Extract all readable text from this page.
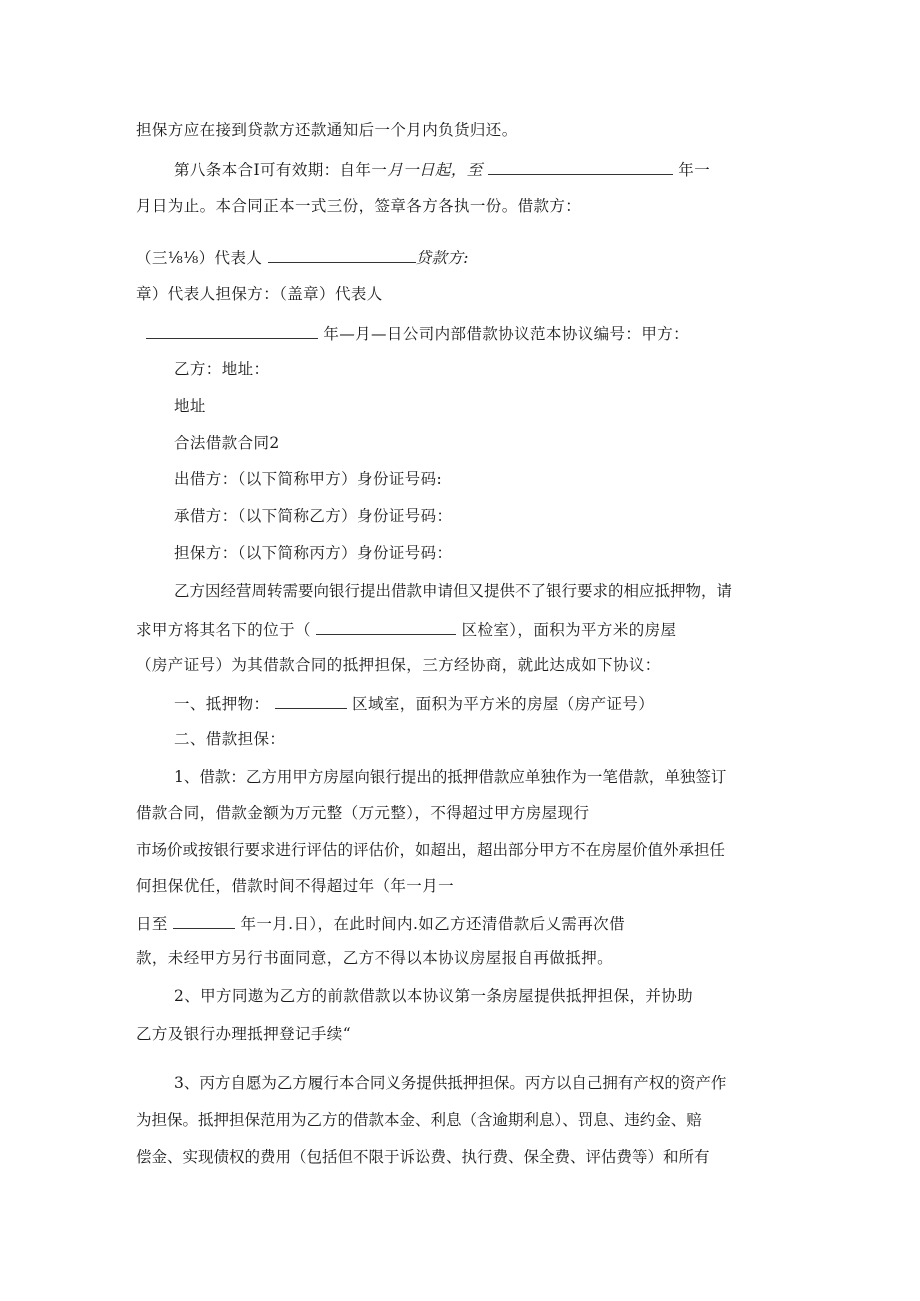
担保方应在接到贷款方还款通知后一个月内负货归还。
第八条本合I可有效期：自年一月一日起，至	年一
月日为止。本合同正本一式三份，签章各方各执一份。借款方：
（三⅛⅛）代表人	贷款方:
章）代表人担保方：（盖章）代表人
年—月—日公司内部借款协议范本协议编号：甲方：
乙方：地址：
地址
合法借款合同2
出借方：（以下简称甲方）身份证号码:
承借方：（以下简称乙方）身份证号码：
担保方：（以下简称丙方）身份证号码：
乙方因经营周转需要向银行提出借款申请但又提供不了银行要求的相应抵押物，请
求甲方将其名下的位于（	区检室），面积为平方米的房屋
（房产证号）为其借款合同的抵押担保，三方经协商，就此达成如下协议：
一、抵押物：	区域室，面积为平方米的房屋（房产证号）
二、借款担保：
1、借款：乙方用甲方房屋向银行提出的抵押借款应单独作为一笔借款，单独签订
借款合同，借款金额为万元整（万元整），不得超过甲方房屋现行
市场价或按银行要求进行评估的评估价，如超出，超出部分甲方不在房屋价值外承担任
何担保优任，借款时间不得超过年（年一月一
日至	年一月.日），在此时间内.如乙方还清借款后乂需再次借
款，未经甲方另行书面同意，乙方不得以本协议房屋报自再做抵押。
2、甲方同遨为乙方的前款借款以本协议第一条房屋提供抵押担保，并协助
乙方及银行办理抵押登记手续“
3、丙方自愿为乙方履行本合同义务提供抵押担保。丙方以自己拥有产权的资产作
为担保。抵押担保范用为乙方的借款本金、利息（含逾期利息）、罚息、违约金、赔
偿金、实现债权的费用（包括但不限于诉讼费、执行费、保全费、评估费等）和所有
